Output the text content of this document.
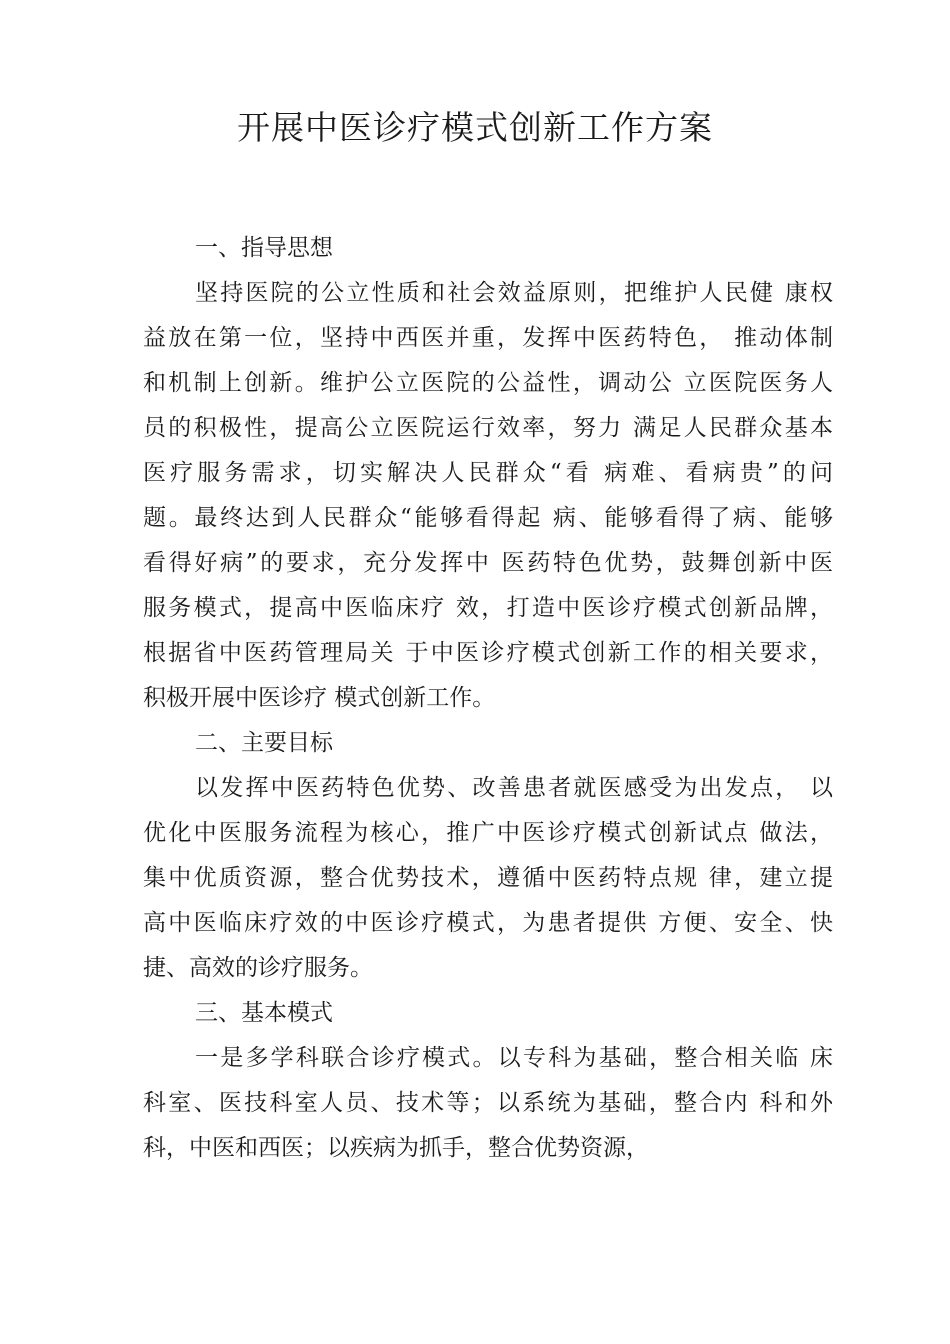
开展中医诊疗模式创新工作方案

一、指导思想

坚持医院的公立性质和社会效益原则，把维护人民健 康权
益放在第一位，坚持中西医并重，发挥中医药特色， 推动体制
和机制上创新。维护公立医院的公益性，调动公 立医院医务人
员的积极性，提高公立医院运行效率，努力 满足人民群众基本
医疗服务需求，切实解决人民群众“看 病难、看病贵”的问
题。最终达到人民群众“能够看得起 病、能够看得了病、能够
看得好病”的要求，充分发挥中 医药特色优势，鼓舞创新中医
服务模式，提高中医临床疗 效，打造中医诊疗模式创新品牌，
根据省中医药管理局关 于中医诊疗模式创新工作的相关要求，
积极开展中医诊疗 模式创新工作。

二、主要目标

以发挥中医药特色优势、改善患者就医感受为出发点， 以
优化中医服务流程为核心，推广中医诊疗模式创新试点 做法，
集中优质资源，整合优势技术，遵循中医药特点规 律，建立提
高中医临床疗效的中医诊疗模式，为患者提供 方便、安全、快
捷、高效的诊疗服务。

三、基本模式

一是多学科联合诊疗模式。以专科为基础，整合相关临 床
科室、医技科室人员、技术等；以系统为基础，整合内 科和外
科，中医和西医；以疾病为抓手，整合优势资源，
